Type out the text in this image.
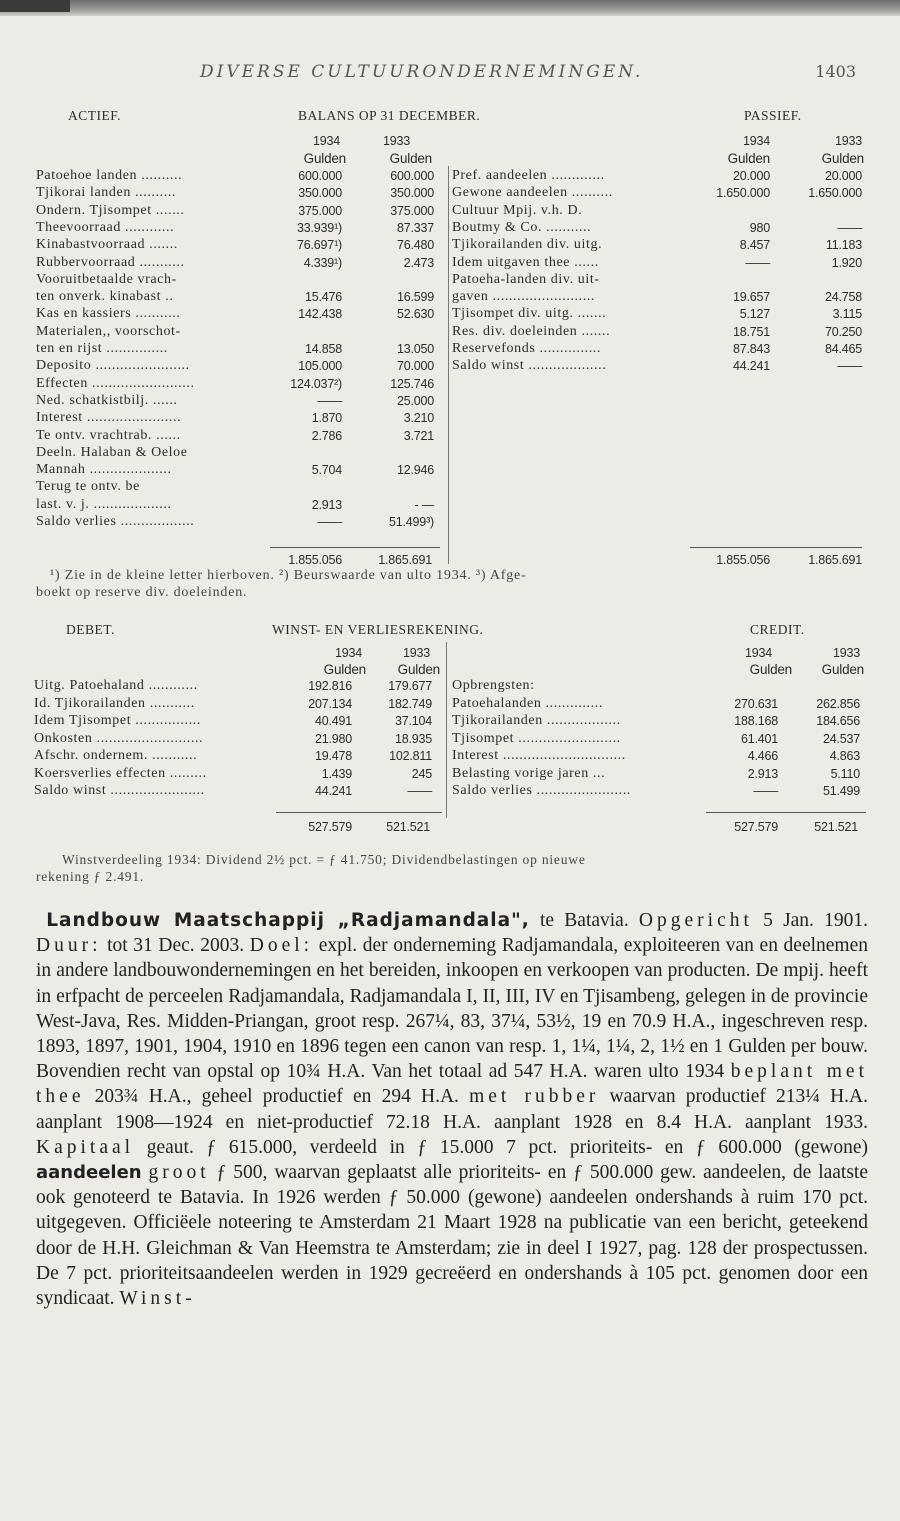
DIVERSE CULTUURONDERNEMINGEN.	1403
ACTIEF.	BALANS OP 31 DECEMBER.	PASSIEF.
1934	1933
Gulden	Gulden
1934	1933
Gulden	Gulden
Patoehoe landen ..........	600.000	600.000
Tjikorai landen ..........	350.000	350.000
Ondern. Tjisompet .......	375.000	375.000
Theevoorraad ............	33.939¹)	87.337
Kinabastvoorraad .......	76.697¹)	76.480
Rubbervoorraad ...........	4.339¹)	2.473
Vooruitbetaalde vrach-
ten onverk. kinabast ..	15.476	16.599
Kas en kassiers ...........	142.438	52.630
Materialen,, voorschot-
ten en rijst ...............	14.858	13.050
Deposito .......................	105.000	70.000
Effecten .........................	124.037²)	125.746
Ned. schatkistbilj. ......	——	25.000
Interest .......................	1.870	3.210
Te ontv. vrachtrab. ......	2.786	3.721
Deeln. Halaban & Oeloe
Mannah ....................	5.704	12.946
Terug te ontv. be
last. v. j. ...................	2.913	- —
Saldo verlies ..................	——	51.499³)
Pref. aandeelen .............	20.000	20.000
Gewone aandeelen ..........	1.650.000	1.650.000
Cultuur Mpij. v.h. D.
Boutmy & Co. ...........	980	——
Tjikorailanden div. uitg.	8.457	11.183
Idem uitgaven thee ......	——	1.920
Patoeha-landen div. uit-
gaven .........................	19.657	24.758
Tjisompet div. uitg. .......	5.127	3.115
Res. div. doeleinden .......	18.751	70.250
Reservefonds ...............	87.843	84.465
Saldo winst ...................	44.241	——
1.855.056	1.865.691	1.855.056	1.865.691
¹) Zie in de kleine letter hierboven. ²) Beurswaarde van ulto 1934. ³) Afge-
boekt op reserve div. doeleinden.
DEBET.	WINST- EN VERLIESREKENING.	CREDIT.
1934	1933
Gulden	Gulden
1934	1933
Gulden	Gulden
Uitg. Patoehaland ............	192.816	179.677
Id. Tjikorailanden ...........	207.134	182.749
Idem Tjisompet ................	40.491	37.104
Onkosten ..........................	21.980	18.935
Afschr. ondernem. ...........	19.478	102.811
Koersverlies effecten .........	1.439	245
Saldo winst .......................	44.241	——
Opbrengsten:
Patoehalanden ..............	270.631	262.856
Tjikorailanden ..................	188.168	184.656
Tjisompet .........................	61.401	24.537
Interest ..............................	4.466	4.863
Belasting vorige jaren ...	2.913	5.110
Saldo verlies .......................	——	51.499
527.579	521.521	527.579	521.521
Winstverdeeling 1934: Dividend 2½ pct. = ƒ 41.750; Dividendbelastingen op nieuwe
rekening ƒ 2.491.
Landbouw Maatschappij „Radjamandala", te Batavia. Opgericht 5 Jan. 1901. Duur: tot 31 Dec. 2003. Doel: expl. der onderneming Radjamandala, exploiteeren van en deelnemen in andere landbouwondernemingen en het bereiden, inkoopen en verkoopen van producten. De mpij. heeft in erfpacht de perceelen Radjamandala, Radjamandala I, II, III, IV en Tjisambeng, gelegen in de provincie West-Java, Res. Midden-Priangan, groot resp. 267¼, 83, 37¼, 53½, 19 en 70.9 H.A., ingeschreven resp. 1893, 1897, 1901, 1904, 1910 en 1896 tegen een canon van resp. 1, 1¼, 1¼, 2, 1½ en 1 Gulden per bouw. Bovendien recht van opstal op 10¾ H.A. Van het totaal ad 547 H.A. waren ulto 1934 beplant met thee 203¾ H.A., geheel productief en 294 H.A. met rubber waarvan productief 213¼ H.A. aanplant 1908—1924 en niet-productief 72.18 H.A. aanplant 1928 en 8.4 H.A. aanplant 1933. Kapitaal geaut. ƒ 615.000, verdeeld in ƒ 15.000 7 pct. prioriteits- en ƒ 600.000 (gewone) aandeelen groot ƒ 500, waarvan geplaatst alle prioriteits- en ƒ 500.000 gew. aandeelen, de laatste ook genoteerd te Batavia. In 1926 werden ƒ 50.000 (gewone) aandeelen ondershands à ruim 170 pct. uitgegeven. Officiëele noteering te Amsterdam 21 Maart 1928 na publicatie van een bericht, geteekend door de H.H. Gleichman & Van Heemstra te Amsterdam; zie in deel I 1927, pag. 128 der prospectussen. De 7 pct. prioriteitsaandeelen werden in 1929 gecreëerd en ondershands à 105 pct. genomen door een syndicaat. Winst-
